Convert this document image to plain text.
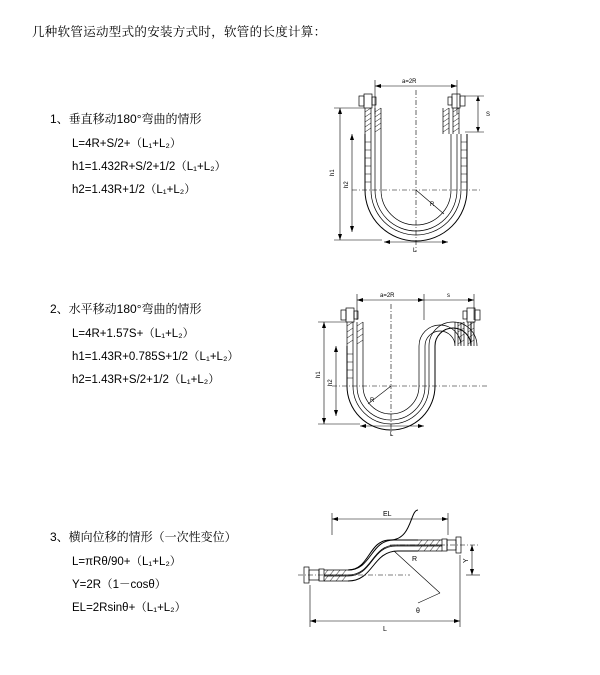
几种软管运动型式的安装方式时，软管的长度计算：
1、垂直移动180°弯曲的情形
L=4R+S/2+（L₁+L₂）
h1=1.432R+S/2+1/2（L₁+L₂）
h2=1.43R+1/2（L₁+L₂）
a=2R
R
L
h1
h2
S
2、水平移动180°弯曲的情形
L=4R+1.57S+（L₁+L₂）
h1=1.43R+0.785S+1/2（L₁+L₂）
h2=1.43R+S/2+1/2（L₁+L₂）
a=2R	s
R
L
h1
h2
3、横向位移的情形（一次性变位）
L=πRθ/90+（L₁+L₂）
Y=2R（1－cosθ）
EL=2Rsinθ+（L₁+L₂）
EL
R
θ
Y
L
